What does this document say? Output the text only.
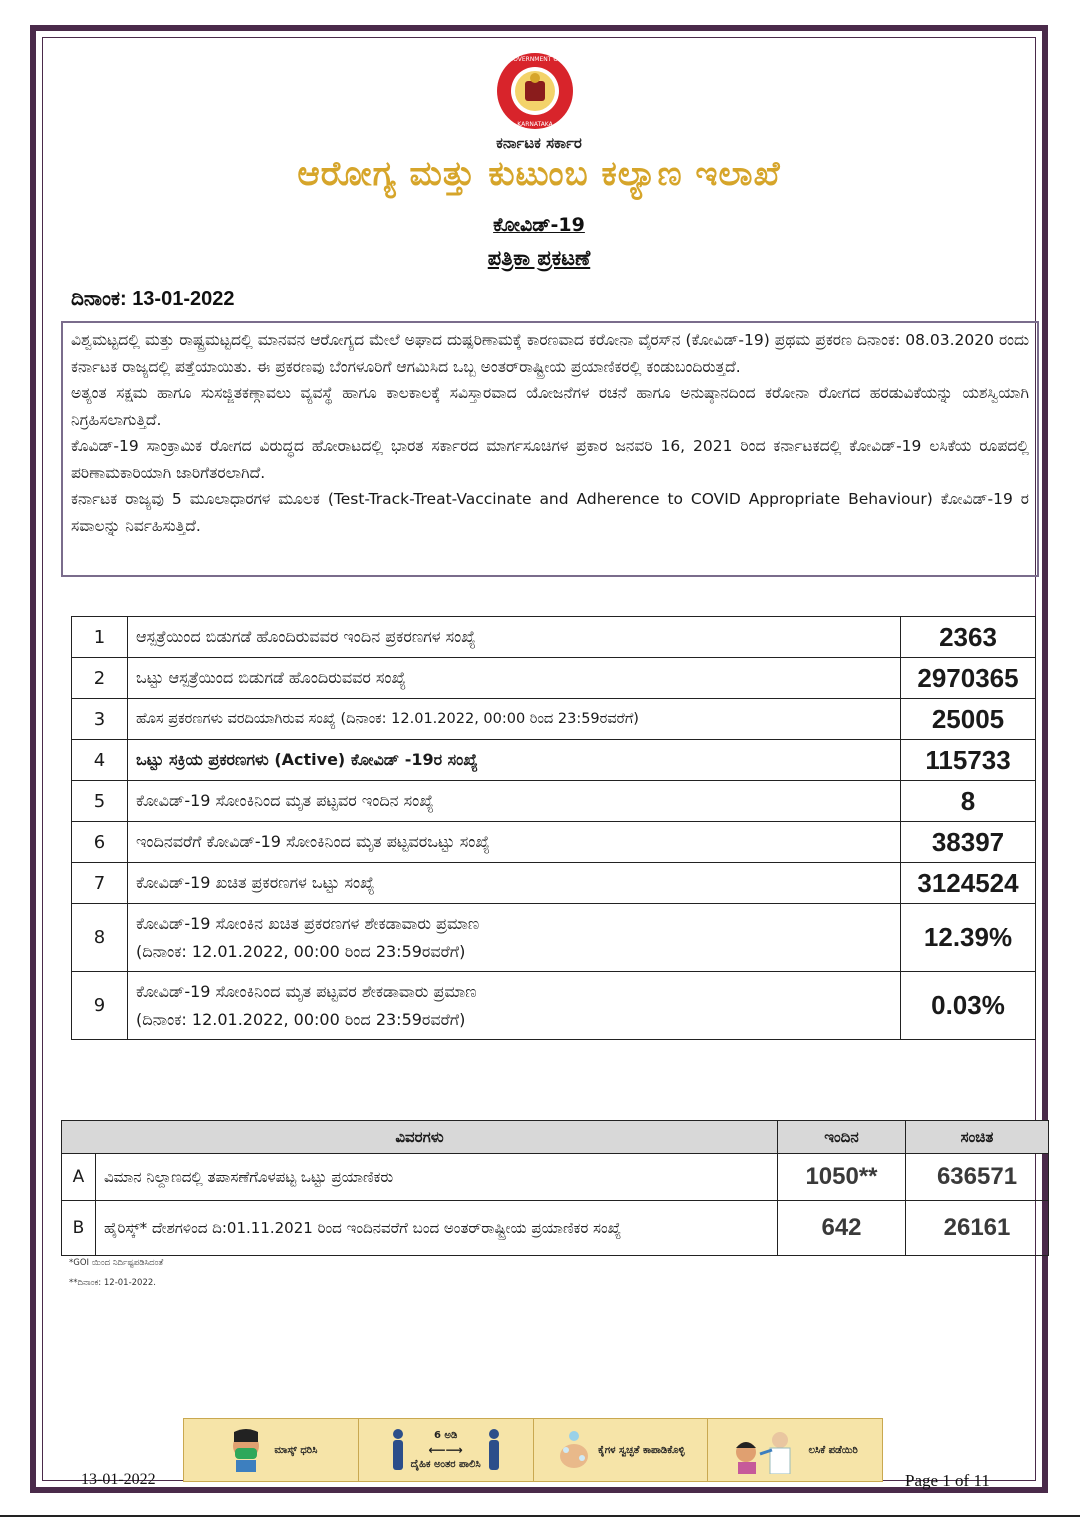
GOVERNMENT OF
KARNATAKA
ಕರ್ನಾಟಕ ಸರ್ಕಾರ
ಆರೋಗ್ಯ ಮತ್ತು ಕುಟುಂಬ ಕಲ್ಯಾಣ ಇಲಾಖೆ
ಕೋವಿಡ್-19
ಪತ್ರಿಕಾ ಪ್ರಕಟಣೆ
ದಿನಾಂಕ: 13-01-2022

ವಿಶ್ವಮಟ್ಟದಲ್ಲಿ ಮತ್ತು ರಾಷ್ಟ್ರಮಟ್ಟದಲ್ಲಿ ಮಾನವನ ಆರೋಗ್ಯದ ಮೇಲೆ ಅಘಾದ ದುಷ್ಪರಿಣಾಮಕ್ಕೆ ಕಾರಣವಾದ ಕರೋನಾ ವೈರಸ್‌ನ (ಕೋವಿಡ್-19) ಪ್ರಥಮ ಪ್ರಕರಣ ದಿನಾಂಕ: 08.03.2020 ರಂದು ಕರ್ನಾಟಕ ರಾಜ್ಯದಲ್ಲಿ ಪತ್ತೆಯಾಯಿತು. ಈ ಪ್ರಕರಣವು ಬೆಂಗಳೂರಿಗೆ ಆಗಮಿಸಿದ ಒಬ್ಬ ಅಂತರ್‌ರಾಷ್ಟ್ರೀಯ ಪ್ರಯಾಣಿಕರಲ್ಲಿ ಕಂಡುಬಂದಿರುತ್ತದೆ.

ಅತ್ಯಂತ ಸಕ್ಷಮ ಹಾಗೂ ಸುಸಜ್ಜಿತಕಣ್ಗಾವಲು ವ್ಯವಸ್ಥೆ ಹಾಗೂ ಕಾಲಕಾಲಕ್ಕೆ ಸವಿಸ್ತಾರವಾದ ಯೋಜನೆಗಳ ರಚನೆ ಹಾಗೂ ಅನುಷ್ಠಾನದಿಂದ ಕರೋನಾ ರೋಗದ ಹರಡುವಿಕೆಯನ್ನು ಯಶಸ್ವಿಯಾಗಿ ನಿಗ್ರಹಿಸಲಾಗುತ್ತಿದೆ.

ಕೊವಿಡ್-19 ಸಾಂಕ್ರಾಮಿಕ ರೋಗದ ವಿರುದ್ಧದ ಹೋರಾಟದಲ್ಲಿ ಭಾರತ ಸರ್ಕಾರದ ಮಾರ್ಗಸೂಚಿಗಳ ಪ್ರಕಾರ ಜನವರಿ 16, 2021 ರಿಂದ ಕರ್ನಾಟಕದಲ್ಲಿ ಕೋವಿಡ್-19 ಲಸಿಕೆಯ ರೂಪದಲ್ಲಿ ಪರಿಣಾಮಕಾರಿಯಾಗಿ ಜಾರಿಗೆತರಲಾಗಿದೆ.

ಕರ್ನಾಟಕ ರಾಜ್ಯವು 5 ಮೂಲಾಧಾರಗಳ ಮೂಲಕ (Test-Track-Treat-Vaccinate and Adherence to COVID Appropriate Behaviour) ಕೋವಿಡ್-19 ರ ಸವಾಲನ್ನು ನಿರ್ವಹಿಸುತ್ತಿದೆ.

1	ಆಸ್ಪತ್ರೆಯಿಂದ ಬಿಡುಗಡೆ ಹೊಂದಿರುವವರ ಇಂದಿನ ಪ್ರಕರಣಗಳ ಸಂಖ್ಯೆ	2363
2	ಒಟ್ಟು ಆಸ್ಪತ್ರೆಯಿಂದ ಬಿಡುಗಡೆ ಹೊಂದಿರುವವರ ಸಂಖ್ಯೆ	2970365
3	ಹೊಸ ಪ್ರಕರಣಗಳು ವರದಿಯಾಗಿರುವ ಸಂಖ್ಯೆ (ದಿನಾಂಕ: 12.01.2022, 00:00 ರಿಂದ 23:59ರವರೆಗೆ)	25005
4	ಒಟ್ಟು ಸಕ್ರಿಯ ಪ್ರಕರಣಗಳು (Active) ಕೋವಿಡ್ -19ರ ಸಂಖ್ಯೆ	115733
5	ಕೋವಿಡ್-19 ಸೋಂಕಿನಿಂದ ಮೃತ ಪಟ್ಟವರ ಇಂದಿನ ಸಂಖ್ಯೆ	8
6	ಇಂದಿನವರೆಗೆ ಕೋವಿಡ್-19 ಸೋಂಕಿನಿಂದ ಮೃತ ಪಟ್ಟವರಒಟ್ಟು ಸಂಖ್ಯೆ	38397
7	ಕೋವಿಡ್-19 ಖಚಿತ ಪ್ರಕರಣಗಳ ಒಟ್ಟು ಸಂಖ್ಯೆ	3124524
8	ಕೋವಿಡ್-19 ಸೋಂಕಿನ ಖಚಿತ ಪ್ರಕರಣಗಳ ಶೇಕಡಾವಾರು ಪ್ರಮಾಣ
(ದಿನಾಂಕ: 12.01.2022, 00:00 ರಿಂದ 23:59ರವರೆಗೆ)	12.39%
9	ಕೋವಿಡ್-19 ಸೋಂಕಿನಿಂದ ಮೃತ ಪಟ್ಟವರ ಶೇಕಡಾವಾರು ಪ್ರಮಾಣ
(ದಿನಾಂಕ: 12.01.2022, 00:00 ರಿಂದ 23:59ರವರೆಗೆ)	0.03%
ವಿವರಗಳು		ಇಂದಿನ	ಸಂಚಿತ
A	ವಿಮಾನ ನಿಲ್ದಾಣದಲ್ಲಿ ತಪಾಸಣೆಗೊಳಪಟ್ಟ ಒಟ್ಟು ಪ್ರಯಾಣಿಕರು	1050**	636571
B	ಹೈರಿಸ್ಕ್* ದೇಶಗಳಿಂದ ದಿ:01.11.2021 ರಿಂದ ಇಂದಿನವರೆಗೆ ಬಂದ ಅಂತರ್‌ರಾಷ್ಟ್ರೀಯ ಪ್ರಯಾಣಿಕರ ಸಂಖ್ಯೆ	642	26161
*GOI ಯಿಂದ ನಿರ್ದಿಷ್ಟಪಡಿಸಿದಂತೆ
**ದಿನಾಂಕ: 12-01-2022.
ಮಾಸ್ಕ್ ಧರಿಸಿ
6 ಅಡಿ
⟵⟶
ದೈಹಿಕ ಅಂತರ ಪಾಲಿಸಿ
ಕೈಗಳ ಸ್ವಚ್ಛತೆ ಕಾಪಾಡಿಕೊಳ್ಳಿ	ಲಸಿಕೆ ಪಡೆಯಿರಿ
13-01-2022	Page 1 of 11
